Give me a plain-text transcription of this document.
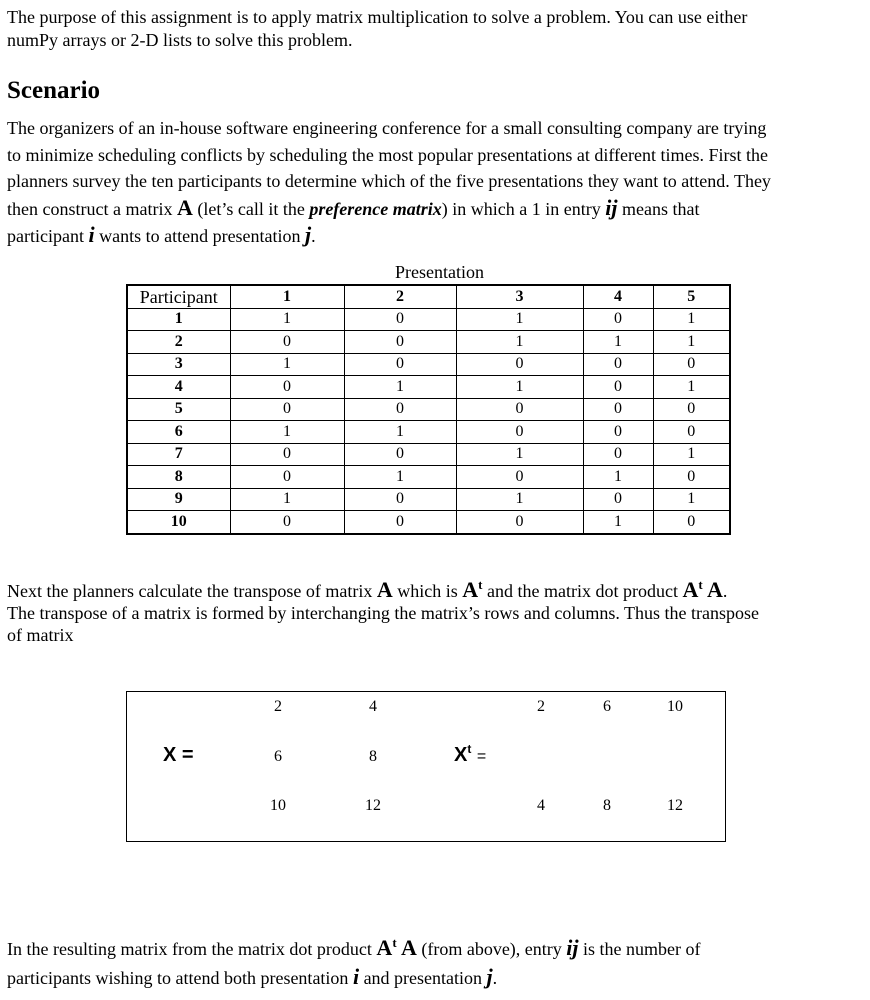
The purpose of this assignment is to apply matrix multiplication to solve a problem. You can use either
numPy arrays or 2-D lists to solve this problem.

Scenario

The organizers of an in-house software engineering conference for a small consulting company are trying
to minimize scheduling conflicts by scheduling the most popular presentations at different times. First the
planners survey the ten participants to determine which of the five presentations they want to attend. They
then construct a matrix A (let’s call it the preference matrix) in which a 1 in entry ij means that
participant i wants to attend presentation j.

Presentation
Participant	1	2	3	4	5
1	1	0	1	0	1
2	0	0	1	1	1
3	1	0	0	0	0
4	0	1	1	0	1
5	0	0	0	0	0
6	1	1	0	0	0
7	0	0	1	0	1
8	0	1	0	1	0
9	1	0	1	0	1
10	0	0	0	1	0

Next the planners calculate the transpose of matrix A which is $A^t$ and the matrix dot product $A^t$ A.
The transpose of a matrix is formed by interchanging the matrix’s rows and columns. Thus the transpose
of matrix

X =	$X^t$ =
2	4
6	8
10	12
2	6	10
4	8	12

In the resulting matrix from the matrix dot product $A^t$ A (from above), entry ij is the number of
participants wishing to attend both presentation i and presentation j.
